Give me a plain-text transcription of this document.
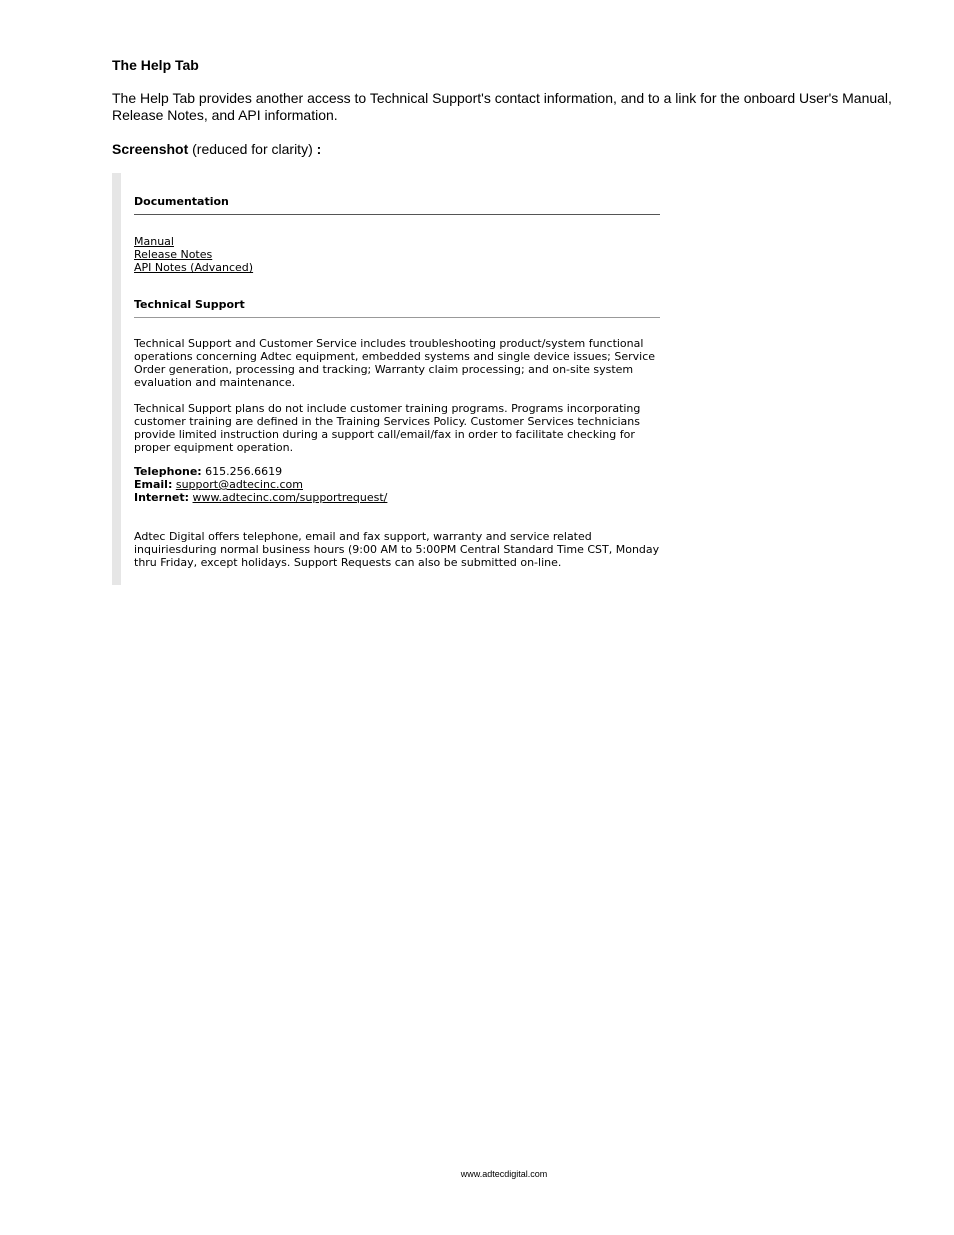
The Help Tab

The Help Tab provides another access to Technical Support's contact information, and to a link for the onboard User's Manual, Release Notes, and API information.

Screenshot (reduced for clarity) :

Documentation
Manual
Release Notes
API Notes (Advanced)
Technical Support

Technical Support and Customer Service includes troubleshooting product/system functional operations concerning Adtec equipment, embedded systems and single device issues; Service Order generation, processing and tracking; Warranty claim processing; and on-site system evaluation and maintenance.

Technical Support plans do not include customer training programs. Programs incorporating customer training are defined in the Training Services Policy. Customer Services technicians provide limited instruction during a support call/email/fax in order to facilitate checking for proper equipment operation.

Telephone: 615.256.6619
Email: support@adtecinc.com
Internet: www.adtecinc.com/supportrequest/

Adtec Digital offers telephone, email and fax support, warranty and service related inquiriesduring normal business hours (9:00 AM to 5:00PM Central Standard Time CST, Monday thru Friday, except holidays. Support Requests can also be submitted on-line.

www.adtecdigital.com
